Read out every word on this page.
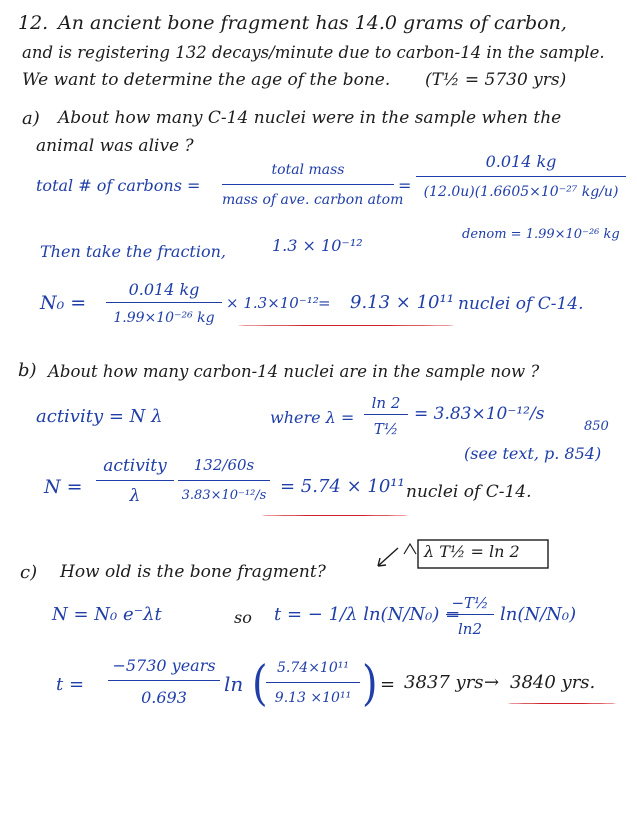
12. An ancient bone fragment has 14.0 grams of carbon,
and is registering 132 decays/minute due to carbon-14 in the sample.
We want to determine the age of the bone. (T½ = 5730 yrs)
a) About how many C-14 nuclei were in the sample when the
animal was alive ?
total # of carbons =
total mass
mass of ave. carbon atom
=
0.014 kg
(12.0u)(1.6605×10⁻²⁷ kg/u)
denom = 1.99×10⁻²⁶ kg
Then take the fraction,	1.3 × 10⁻¹²
N₀ =
0.014 kg
1.99×10⁻²⁶ kg
× 1.3×10⁻¹² = 9.13 × 10¹¹ nuclei of C-14.
b) About how many carbon-14 nuclei are in the sample now ?
activity = N λ	where λ =
ln 2
T½
= 3.83×10⁻¹²/s
(see text, p. 854)
850
N =
activity
λ
132/60s
3.83×10⁻¹²/s = 5.74 × 10¹¹ nuclei of C-14.
c) How old is the bone fragment?
λ T½ = ln 2
N = N₀ e⁻λt	so t = − 1/λ ln(N/N₀) =
−T½
ln2
ln(N/N₀)
t =
−5730 years
0.693
ln ( 5.74×10¹¹
9.13 ×10¹¹ ) = 3837 yrs → 3840 yrs.
